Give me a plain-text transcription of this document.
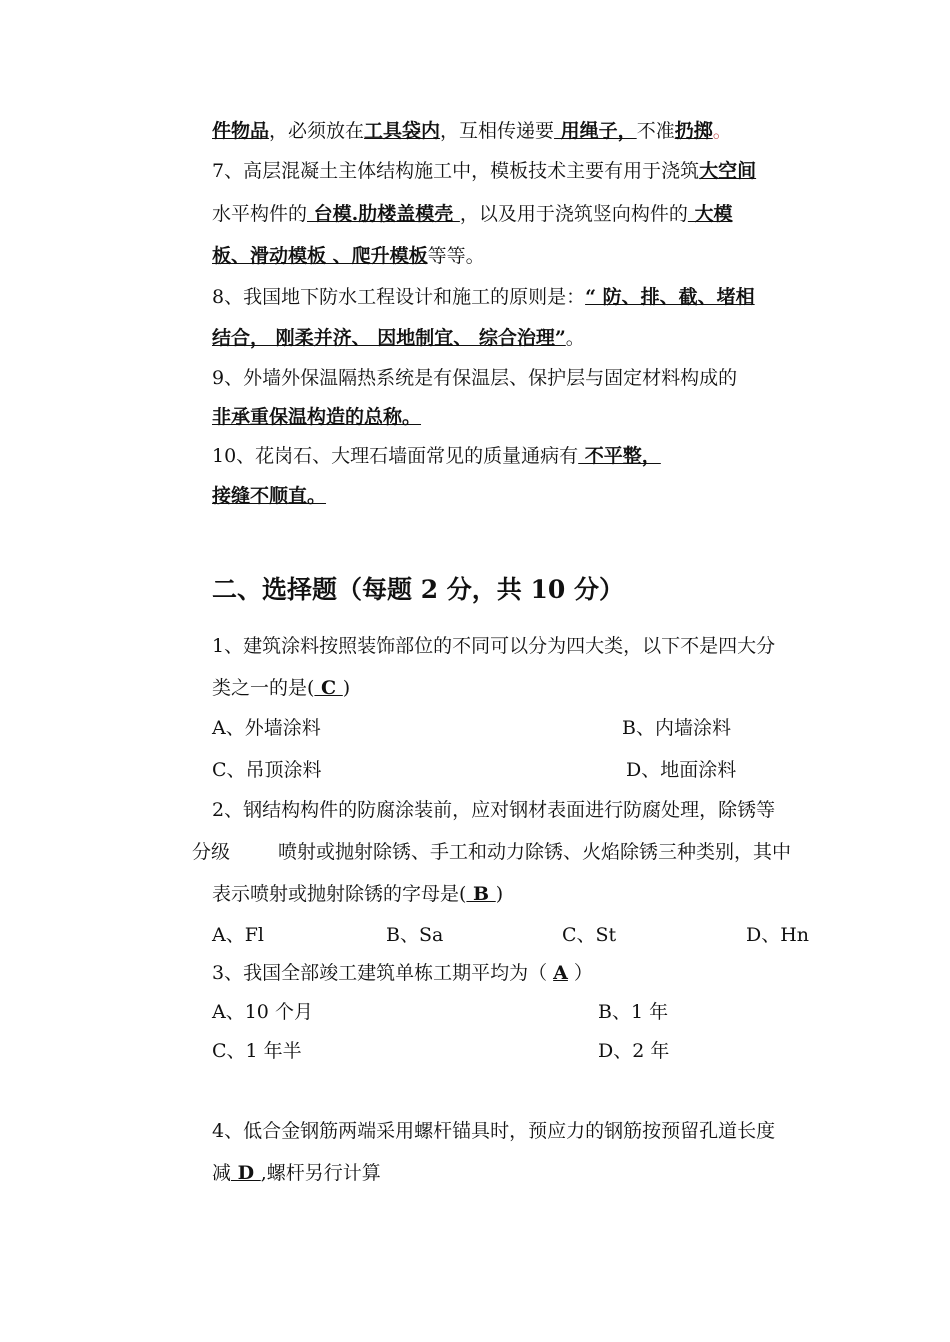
件物品，必须放在工具袋内，互相传递要 用绳子，不准扔掷。
7、高层混凝土主体结构施工中，模板技术主要有用于浇筑大空间
水平构件的 台模.肋楼盖模壳 ，以及用于浇筑竖向构件的 大模
板、滑动模板 、爬升模板等等。
8、我国地下防水工程设计和施工的原则是：“ 防、排、截、堵相
结合， 刚柔并济、 因地制宜、 综合治理”。
9、外墙外保温隔热系统是有保温层、保护层与固定材料构成的
非承重保温构造的总称。
10、花岗石、大理石墙面常见的质量通病有 不平整，
接缝不顺直。
二、选择题（每题 2 分，共 10 分）
1、建筑涂料按照装饰部位的不同可以分为四大类，以下不是四大分
类之一的是( C )
A、外墙涂料	B、内墙涂料
C、吊顶涂料	D、地面涂料
2、钢结构构件的防腐涂装前，应对钢材表面进行防腐处理，除锈等
分级	喷射或抛射除锈、手工和动力除锈、火焰除锈三种类别，其中
表示喷射或抛射除锈的字母是( B )
A、Fl	B、Sa	C、St	D、Hn
3、我国全部竣工建筑单栋工期平均为（ A ）
A、10 个月	B、1 年
C、1 年半	D、2 年
4、低合金钢筋两端采用螺杆锚具时，预应力的钢筋按预留孔道长度
减 D ,螺杆另行计算
